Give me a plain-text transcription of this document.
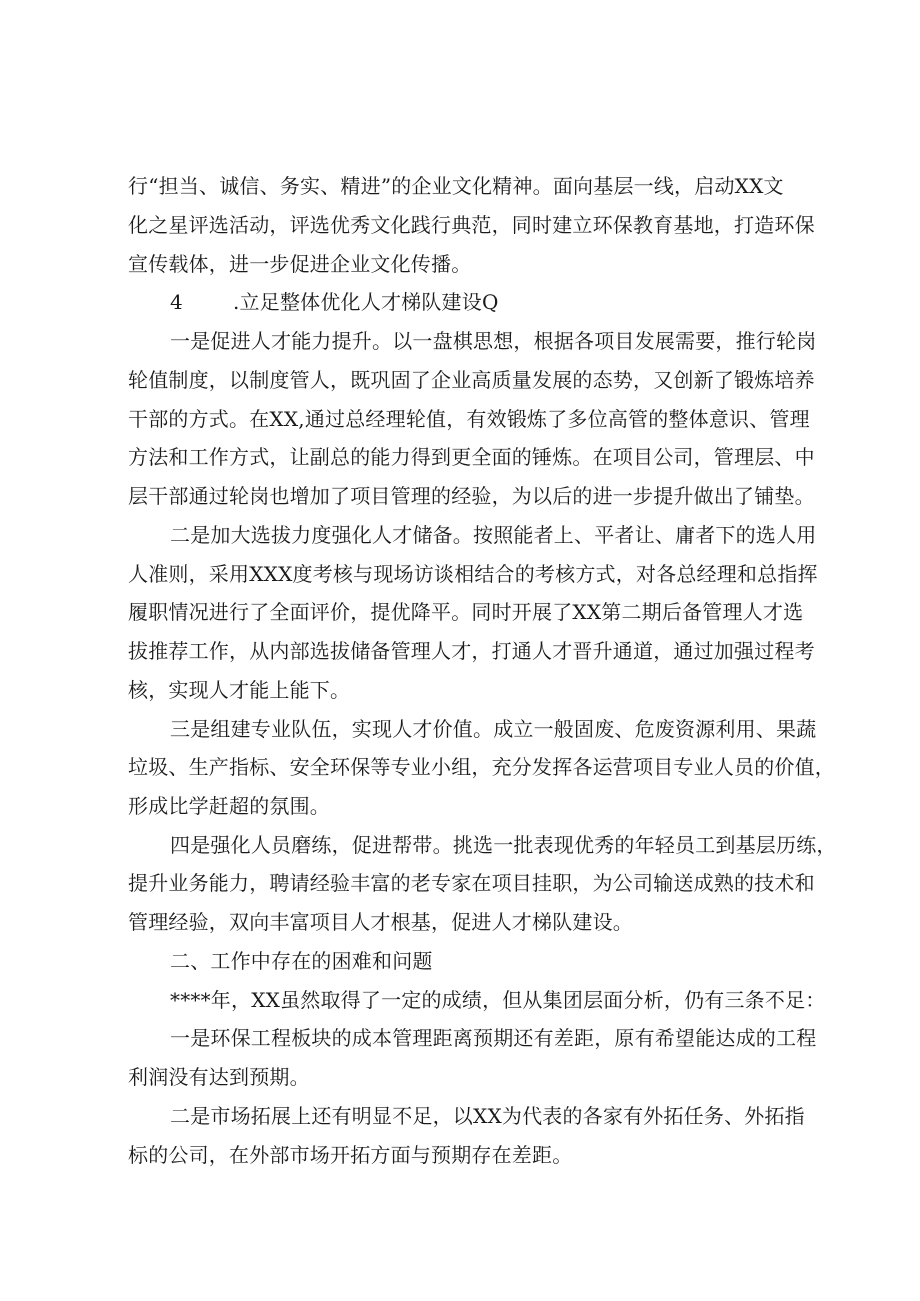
行“担当、诚信、务实、精进”的企业文化精神。面向基层一线，启动XX文
化之星评选活动，评选优秀文化践行典范，同时建立环保教育基地，打造环保
宣传载体，进一步促进企业文化传播。
4	.立足整体优化人才梯队建设Q
一是促进人才能力提升。以一盘棋思想，根据各项目发展需要，推行轮岗
轮值制度，以制度管人，既巩固了企业高质量发展的态势，又创新了锻炼培养
干部的方式。在XX,通过总经理轮值，有效锻炼了多位高管的整体意识、管理
方法和工作方式，让副总的能力得到更全面的锤炼。在项目公司，管理层、中
层干部通过轮岗也增加了项目管理的经验，为以后的进一步提升做出了铺垫。
二是加大选拔力度强化人才储备。按照能者上、平者让、庸者下的选人用
人准则，采用XXX度考核与现场访谈相结合的考核方式，对各总经理和总指挥
履职情况进行了全面评价，提优降平。同时开展了XX第二期后备管理人才选
拔推荐工作，从内部选拔储备管理人才，打通人才晋升通道，通过加强过程考
核，实现人才能上能下。
三是组建专业队伍，实现人才价值。成立一般固废、危废资源利用、果蔬
垃圾、生产指标、安全环保等专业小组，充分发挥各运营项目专业人员的价值，
形成比学赶超的氛围。
四是强化人员磨练，促进帮带。挑选一批表现优秀的年轻员工到基层历练，
提升业务能力，聘请经验丰富的老专家在项目挂职，为公司输送成熟的技术和
管理经验，双向丰富项目人才根基，促进人才梯队建设。
二、工作中存在的困难和问题
****年，XX虽然取得了一定的成绩，但从集团层面分析，仍有三条不足：
一是环保工程板块的成本管理距离预期还有差距，原有希望能达成的工程
利润没有达到预期。
二是市场拓展上还有明显不足，以XX为代表的各家有外拓任务、外拓指
标的公司，在外部市场开拓方面与预期存在差距。
